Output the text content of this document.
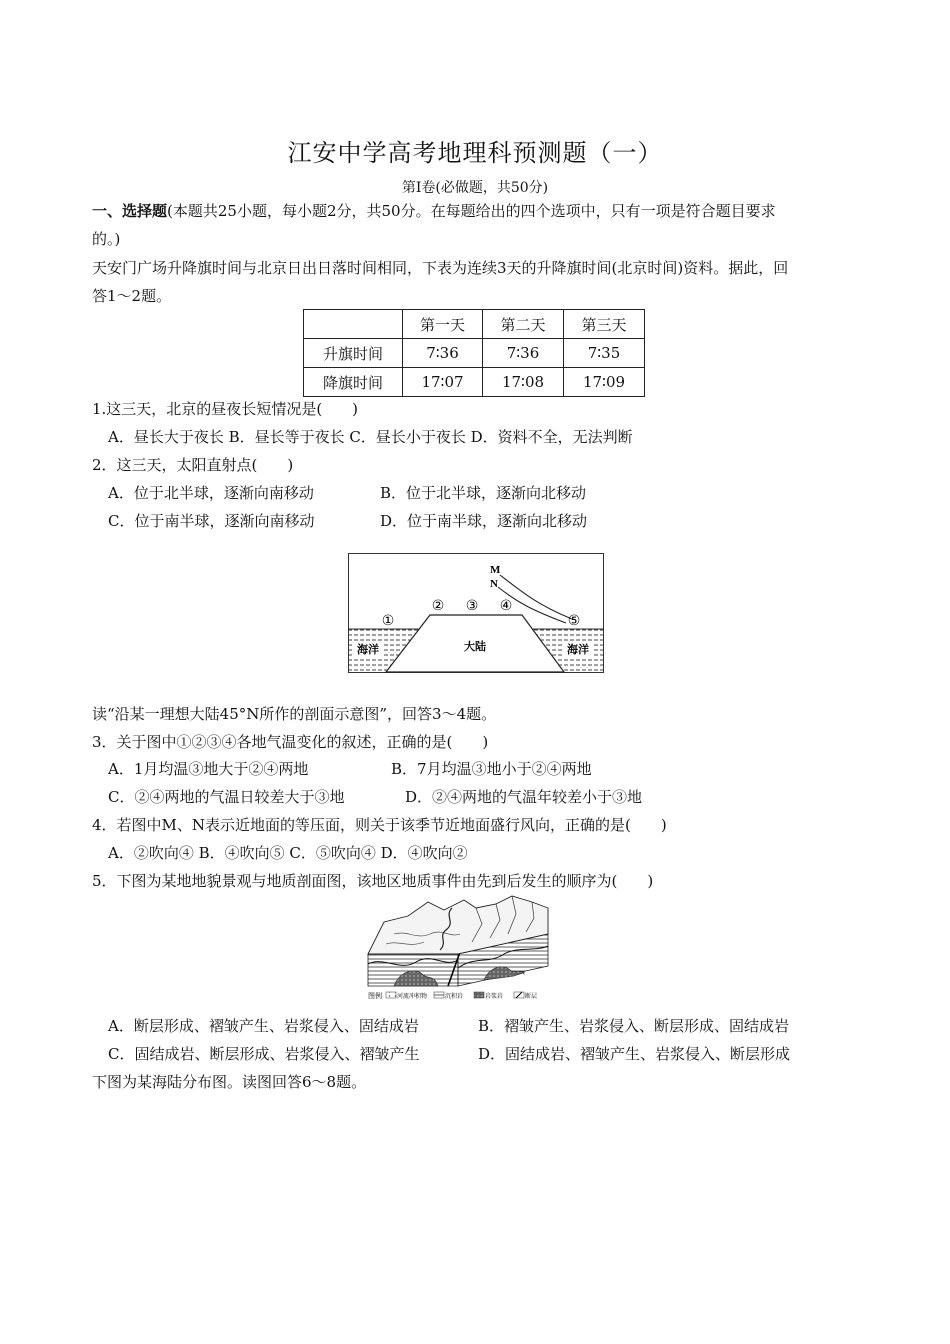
江安中学高考地理科预测题（一）
第Ⅰ卷(必做题，共50分)
一、选择题(本题共25小题，每小题2分，共50分。在每题给出的四个选项中，只有一项是符合题目要求
的。)
天安门广场升降旗时间与北京日出日落时间相同，下表为连续3天的升降旗时间(北京时间)资料。据此，回
答1～2题。
	第一天	第二天	第三天
升旗时间	7∶36	7∶36	7∶35
降旗时间	17∶07	17∶08	17∶09
1.这三天，北京的昼夜长短情况是(　　)
A．昼长大于夜长 B．昼长等于夜长 C．昼长小于夜长 D．资料不全，无法判断
2．这三天，太阳直射点(　　)
A．位于北半球，逐渐向南移动	B．位于北半球，逐渐向北移动
C．位于南半球，逐渐向南移动	D．位于南半球，逐渐向北移动
M
N
①
② ③ ④
⑤
海洋	海洋
大陆
读“沿某一理想大陆45°N所作的剖面示意图”，回答3～4题。
3．关于图中①②③④各地气温变化的叙述，正确的是(　　)
A．1月均温③地大于②④两地	B．7月均温③地小于②④两地
C．②④两地的气温日较差大于③地	D．②④两地的气温年较差小于③地
4．若图中M、N表示近地面的等压面，则关于该季节近地面盛行风向，正确的是(　　)
A．②吹向④ B．④吹向⑤ C．⑤吹向④ D．④吹向②
5．下图为某地地貌景观与地质剖面图，该地区地质事件由先到后发生的顺序为(　　)
图例	河流冲积物	沉积岩	岩浆岩	断层
A．断层形成、褶皱产生、岩浆侵入、固结成岩	B．褶皱产生、岩浆侵入、断层形成、固结成岩
C．固结成岩、断层形成、岩浆侵入、褶皱产生	D．固结成岩、褶皱产生、岩浆侵入、断层形成
下图为某海陆分布图。读图回答6～8题。
